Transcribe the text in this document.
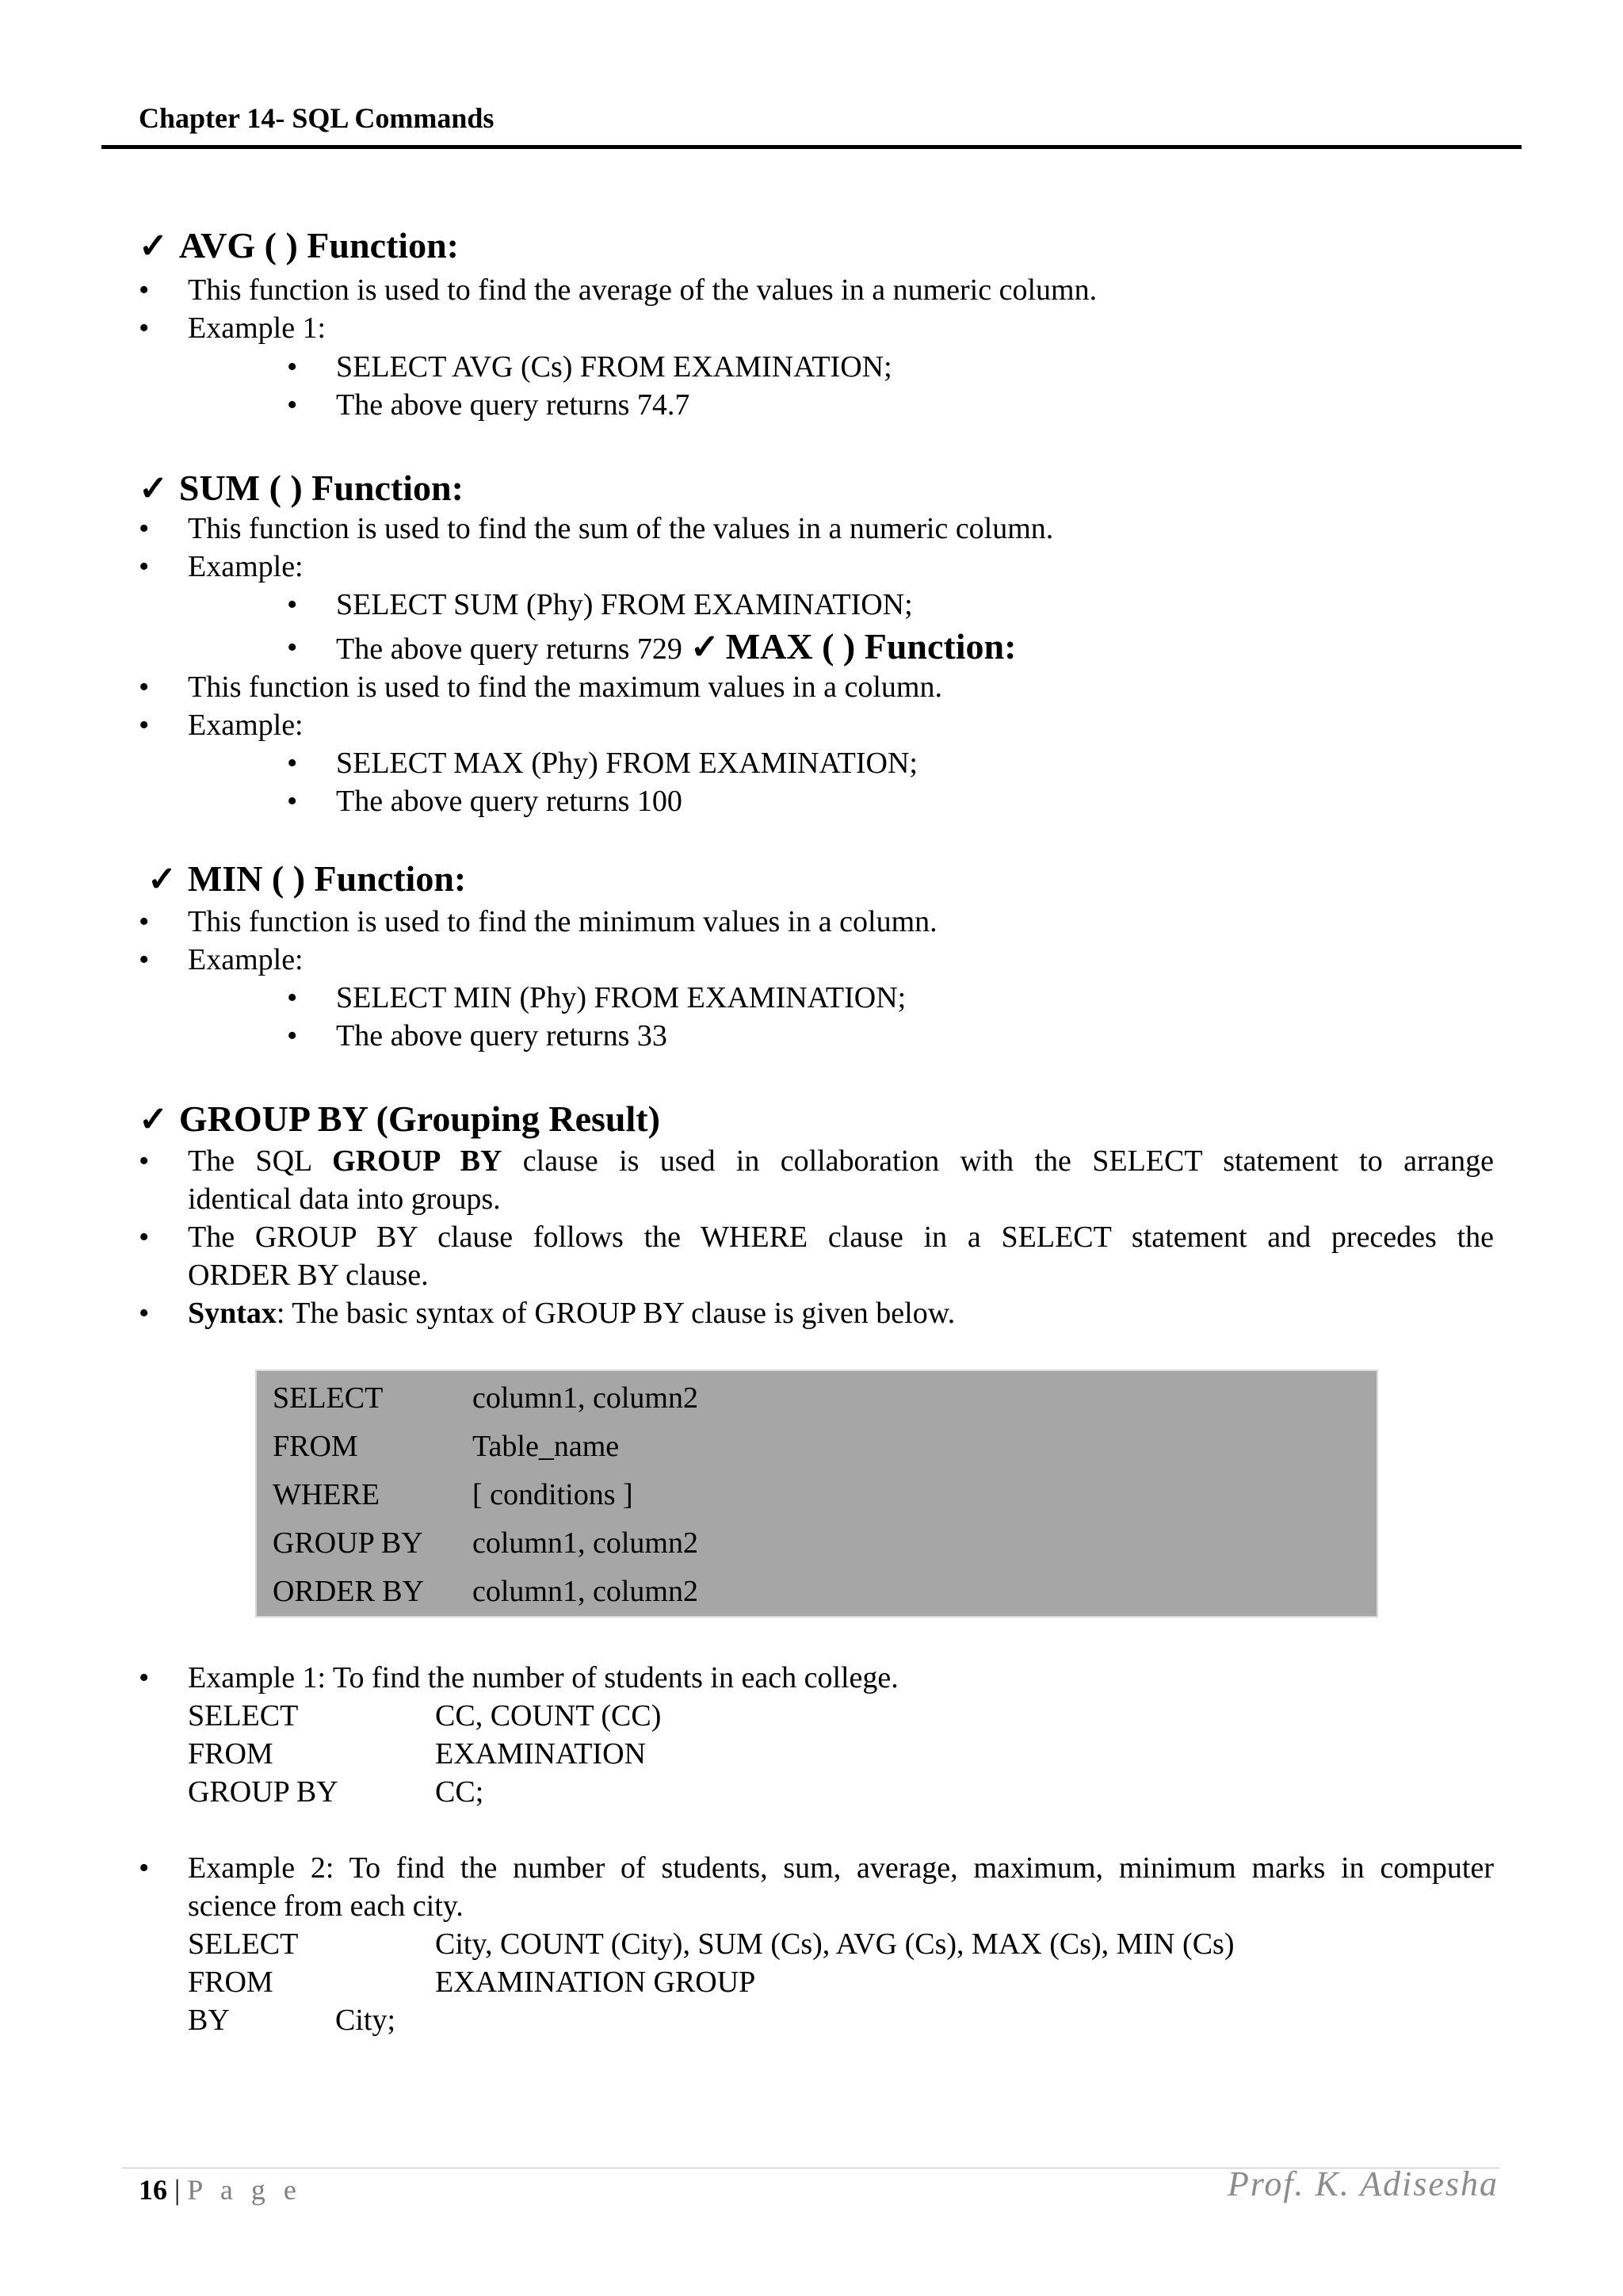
Chapter 14- SQL Commands
✓ AVG ( ) Function:
• This function is used to find the average of the values in a numeric column.
• Example 1:
• SELECT AVG (Cs) FROM EXAMINATION;
• The above query returns 74.7
✓ SUM ( ) Function:
• This function is used to find the sum of the values in a numeric column.
• Example:
• SELECT SUM (Phy) FROM EXAMINATION;
• The above query returns 729 ✓ MAX ( ) Function:
• This function is used to find the maximum values in a column.
• Example:
• SELECT MAX (Phy) FROM EXAMINATION;
• The above query returns 100
✓ MIN ( ) Function:
• This function is used to find the minimum values in a column.
• Example:
• SELECT MIN (Phy) FROM EXAMINATION;
• The above query returns 33
✓ GROUP BY (Grouping Result)
• The SQL GROUP BY clause is used in collaboration with the SELECT statement to arrange
identical data into groups.
• The GROUP BY clause follows the WHERE clause in a SELECT statement and precedes the
ORDER BY clause.
• Syntax: The basic syntax of GROUP BY clause is given below.
SELECT	column1, column2
FROM	Table_name
WHERE	[ conditions ]
GROUP BY column1, column2
ORDER BY column1, column2
• Example 1: To find the number of students in each college.
SELECT	CC, COUNT (CC)
FROM	EXAMINATION
GROUP BY	CC;
• Example 2: To find the number of students, sum, average, maximum, minimum marks in computer
science from each city.
SELECT	City, COUNT (City), SUM (Cs), AVG (Cs), MAX (Cs), MIN (Cs)
FROM	EXAMINATION GROUP
BY	City;
16 | P a g e	Prof. K. Adisesha
